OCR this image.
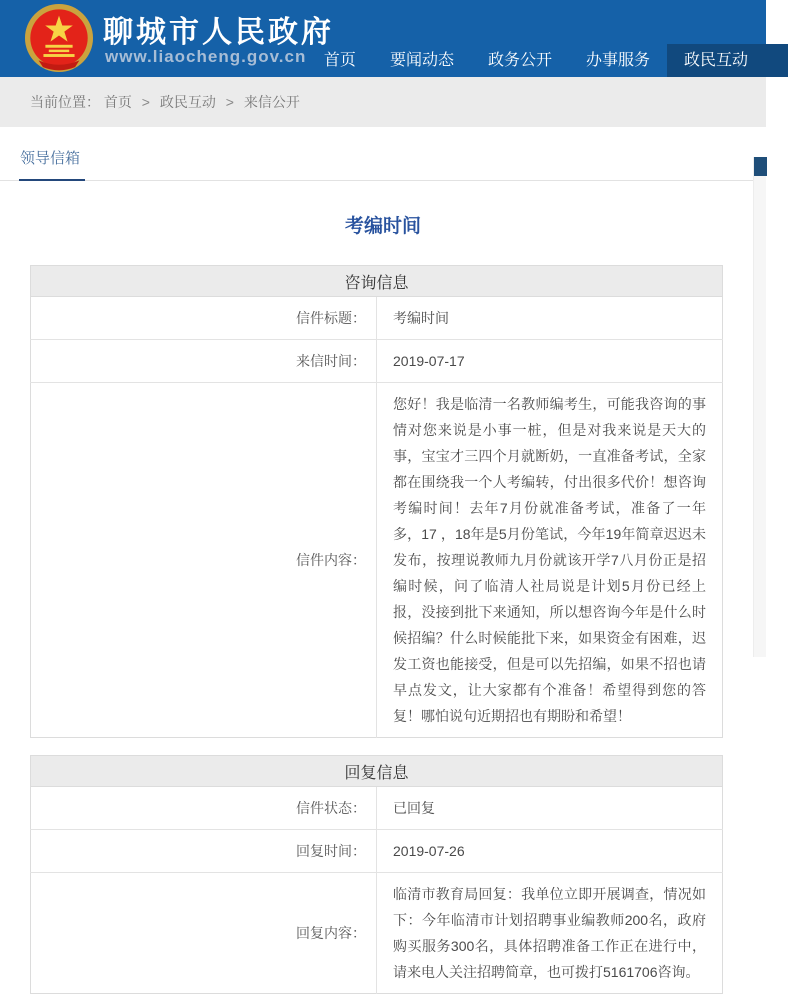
聊城市人民政府
www.liaocheng.gov.cn	首页	要闻动态	政务公开	办事服务	政民互动
当前位置： 首页 > 政民互动 > 来信公开
领导信箱
考编时间
咨询信息	
信件标题：	考编时间
来信时间：	2019-07-17
信件内容：	您好！我是临清一名教师编考生，可能我咨询的事情对您来说是小事一桩，但是对我来说是天大的事，宝宝才三四个月就断奶，一直准备考试，全家都在围绕我一个人考编转，付出很多代价！想咨询考编时间！去年7月份就准备考试，准备了一年多，17 ，18年是5月份笔试，今年19年简章迟迟未发布，按理说教师九月份就该开学7八月份正是招编时候，问了临清人社局说是计划5月份已经上报，没接到批下来通知，所以想咨询今年是什么时候招编？什么时候能批下来，如果资金有困难，迟发工资也能接受，但是可以先招编，如果不招也请早点发文，让大家都有个准备！希望得到您的答复！哪怕说句近期招也有期盼和希望！
回复信息	
信件状态：	已回复
回复时间：	2019-07-26
回复内容：	临清市教育局回复：我单位立即开展调查，情况如下：今年临清市计划招聘事业编教师200名，政府购买服务300名，具体招聘准备工作正在进行中，请来电人关注招聘简章，也可拨打5161706咨询。
